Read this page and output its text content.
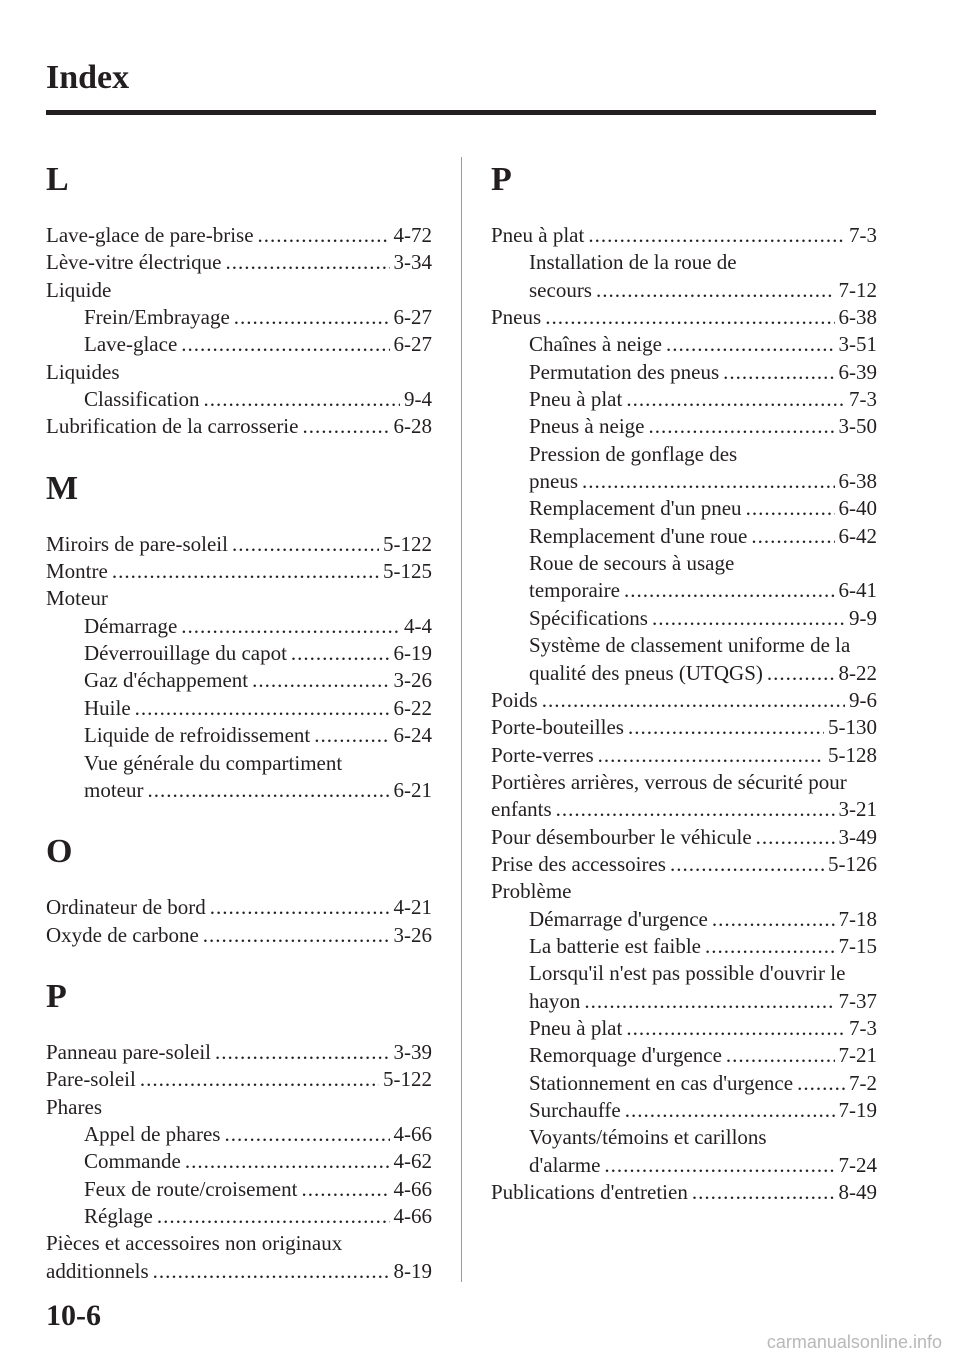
Index
L
Lave-glace de pare-brise .....	4-72
Lève-vitre électrique .....	3-34
Liquide
Frein/Embrayage .....	6-27
Lave-glace .....	6-27
Liquides
Classification .....	9-4
Lubrification de la carrosserie .....	6-28
M
Miroirs de pare-soleil .....	5-122
Montre .....	5-125
Moteur
Démarrage .....	4-4
Déverrouillage du capot .....	6-19
Gaz d'échappement .....	3-26
Huile .....	6-22
Liquide de refroidissement .....	6-24
Vue générale du compartiment
moteur .....	6-21
O
Ordinateur de bord .....	4-21
Oxyde de carbone .....	3-26
P
Panneau pare-soleil .....	3-39
Pare-soleil .....	5-122
Phares
Appel de phares .....	4-66
Commande .....	4-62
Feux de route/croisement .....	4-66
Réglage .....	4-66
Pièces et accessoires non originaux
additionnels .....	8-19
P
Pneu à plat .....	7-3
Installation de la roue de
secours .....	7-12
Pneus .....	6-38
Chaînes à neige .....	3-51
Permutation des pneus .....	6-39
Pneu à plat .....	7-3
Pneus à neige .....	3-50
Pression de gonflage des
pneus .....	6-38
Remplacement d'un pneu .....	6-40
Remplacement d'une roue .....	6-42
Roue de secours à usage
temporaire .....	6-41
Spécifications .....	9-9
Système de classement uniforme de la
qualité des pneus (UTQGS) .....	8-22
Poids .....	9-6
Porte-bouteilles .....	5-130
Porte-verres .....	5-128
Portières arrières, verrous de sécurité pour
enfants .....	3-21
Pour désembourber le véhicule .....	3-49
Prise des accessoires .....	5-126
Problème
Démarrage d'urgence .....	7-18
La batterie est faible .....	7-15
Lorsqu'il n'est pas possible d'ouvrir le
hayon .....	7-37
Pneu à plat .....	7-3
Remorquage d'urgence .....	7-21
Stationnement en cas d'urgence .....	7-2
Surchauffe .....	7-19
Voyants/témoins et carillons
d'alarme .....	7-24
Publications d'entretien .....	8-49
10-6
carmanualsonline.info
